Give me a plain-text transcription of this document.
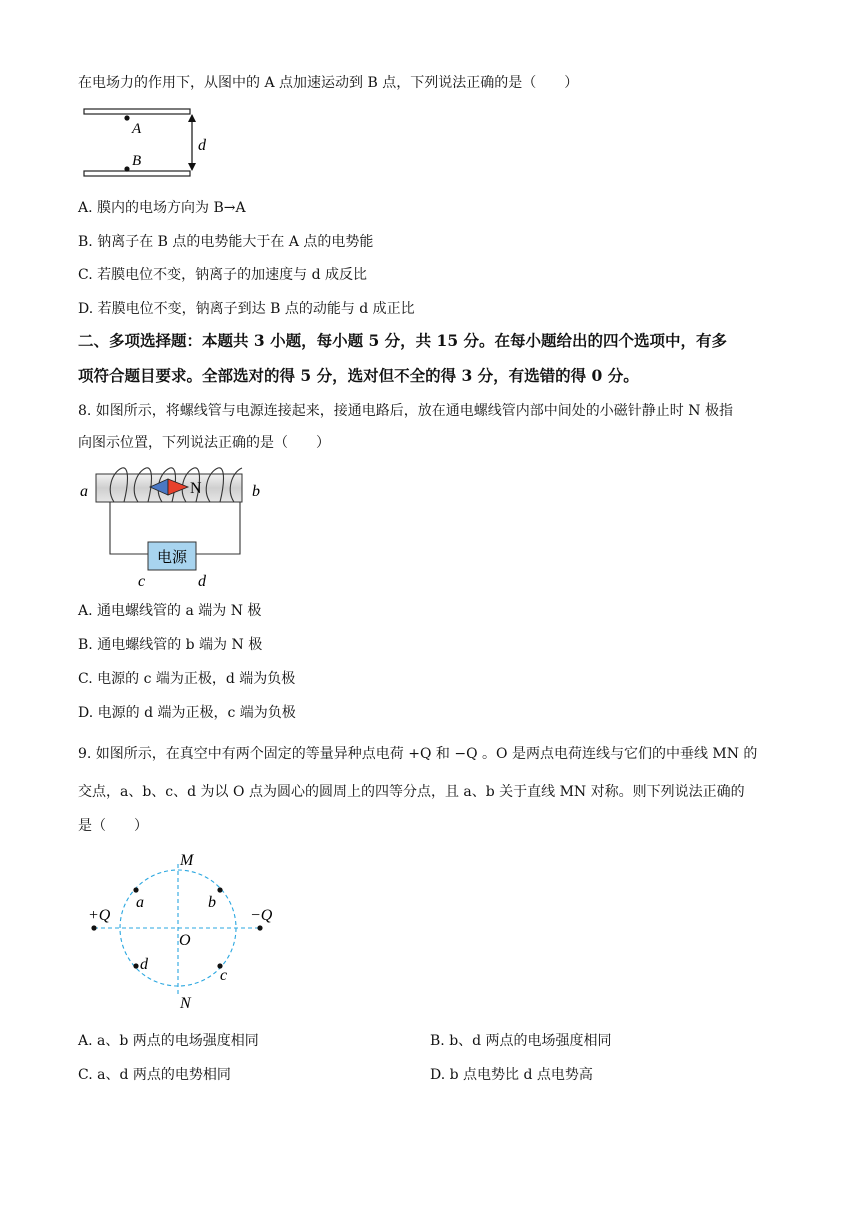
在电场力的作用下，从图中的 A 点加速运动到 B 点，下列说法正确的是（　　）
A
B
d
A. 膜内的电场方向为 B→A
B. 钠离子在 B 点的电势能大于在 A 点的电势能
C. 若膜电位不变，钠离子的加速度与 d 成反比
D. 若膜电位不变，钠离子到达 B 点的动能与 d 成正比
二、多项选择题：本题共 3 小题，每小题 5 分，共 15 分。在每小题给出的四个选项中，有多
项符合题目要求。全部选对的得 5 分，选对但不全的得 3 分，有选错的得 0 分。
8. 如图所示，将螺线管与电源连接起来，接通电路后，放在通电螺线管内部中间处的小磁针静止时 N 极指
向图示位置，下列说法正确的是（　　）
N
a	b
电源
c	d
A. 通电螺线管的 a 端为 N 极
B. 通电螺线管的 b 端为 N 极
C. 电源的 c 端为正极，d 端为负极
D. 电源的 d 端为正极，c 端为负极
9. 如图所示，在真空中有两个固定的等量异种点电荷 +Q 和 −Q 。O 是两点电荷连线与它们的中垂线 MN 的
交点，a、b、c、d 为以 O 点为圆心的圆周上的四等分点，且 a、b 关于直线 MN 对称。则下列说法正确的
是（　　）
M
N
O
+Q	−Q
a	b
c
d
A. a、b 两点的电场强度相同	B. b、d 两点的电场强度相同
C. a、d 两点的电势相同	D. b 点电势比 d 点电势高
